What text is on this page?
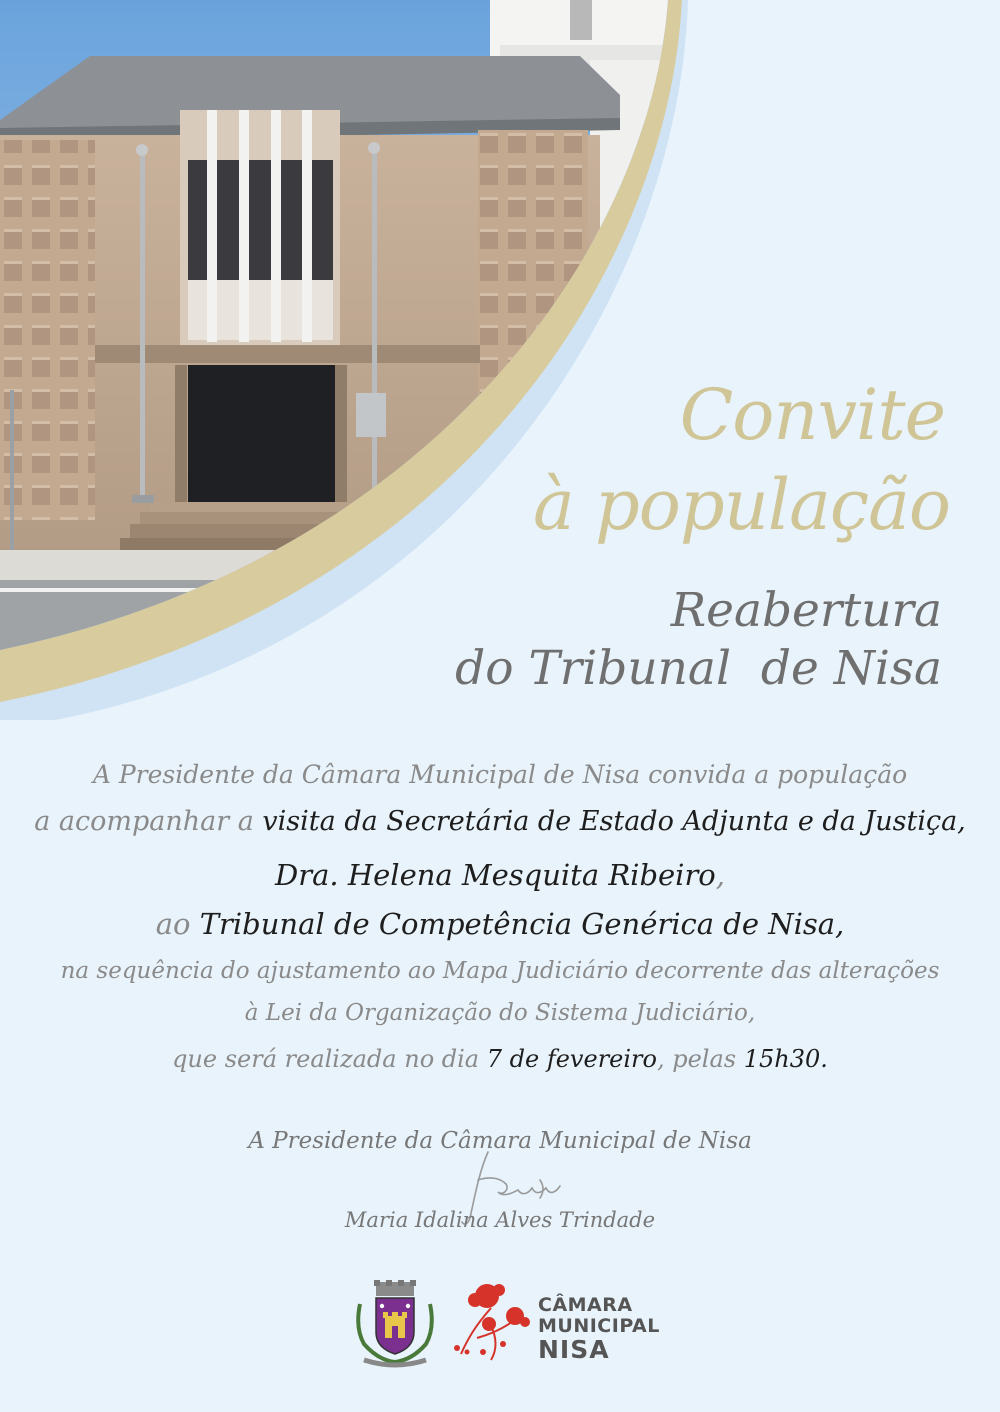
Convite
à população
Reabertura
do Tribunal  de Nisa
A Presidente da Câmara Municipal de Nisa convida a população
a acompanhar a visita da Secretária de Estado Adjunta e da Justiça,
Dra. Helena Mesquita Ribeiro,
ao Tribunal de Competência Genérica de Nisa,
na sequência do ajustamento ao Mapa Judiciário decorrente das alterações
à Lei da Organização do Sistema Judiciário,
que será realizada no dia 7 de fevereiro, pelas 15h30.
A Presidente da Câmara Municipal de Nisa
Maria Idalina Alves Trindade
CÂMARA
MUNICIPAL
NISA
